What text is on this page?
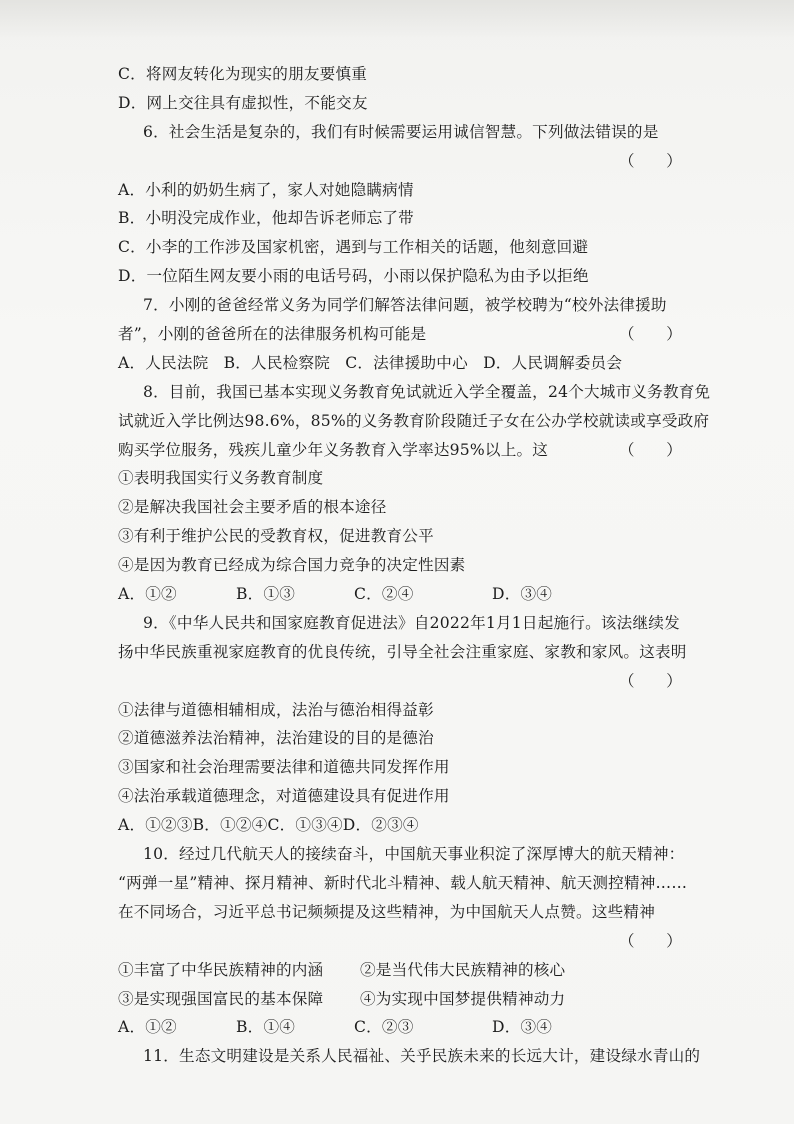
C．将网友转化为现实的朋友要慎重
D．网上交往具有虚拟性，不能交友
6．社会生活是复杂的，我们有时候需要运用诚信智慧。下列做法错误的是
（　　）
A．小利的奶奶生病了，家人对她隐瞒病情
B．小明没完成作业，他却告诉老师忘了带
C．小李的工作涉及国家机密，遇到与工作相关的话题，他刻意回避
D．一位陌生网友要小雨的电话号码，小雨以保护隐私为由予以拒绝
7．小刚的爸爸经常义务为同学们解答法律问题，被学校聘为“校外法律援助
者”，小刚的爸爸所在的法律服务机构可能是	（　　）
A．人民法院 B．人民检察院 C．法律援助中心 D．人民调解委员会
8．目前，我国已基本实现义务教育免试就近入学全覆盖，24个大城市义务教育免
试就近入学比例达98.6%，85%的义务教育阶段随迁子女在公办学校就读或享受政府
购买学位服务，残疾儿童少年义务教育入学率达95%以上。这	（　　）
①表明我国实行义务教育制度
②是解决我国社会主要矛盾的根本途径
③有利于维护公民的受教育权，促进教育公平
④是因为教育已经成为综合国力竞争的决定性因素
A．①②	B．①③	C．②④	D．③④
9．《中华人民共和国家庭教育促进法》自2022年1月1日起施行。该法继续发
扬中华民族重视家庭教育的优良传统，引导全社会注重家庭、家教和家风。这表明
（　　）
①法律与道德相辅相成，法治与德治相得益彰
②道德滋养法治精神，法治建设的目的是德治
③国家和社会治理需要法律和道德共同发挥作用
④法治承载道德理念，对道德建设具有促进作用
A．①②③B．①②④C．①③④D．②③④
10．经过几代航天人的接续奋斗，中国航天事业积淀了深厚博大的航天精神：
“两弹一星”精神、探月精神、新时代北斗精神、载人航天精神、航天测控精神……
在不同场合，习近平总书记频频提及这些精神，为中国航天人点赞。这些精神
（　　）
①丰富了中华民族精神的内涵 ②是当代伟大民族精神的核心
③是实现强国富民的基本保障 ④为实现中国梦提供精神动力
A．①②	B．①④	C．②③	D．③④
11．生态文明建设是关系人民福祉、关乎民族未来的长远大计，建设绿水青山的
